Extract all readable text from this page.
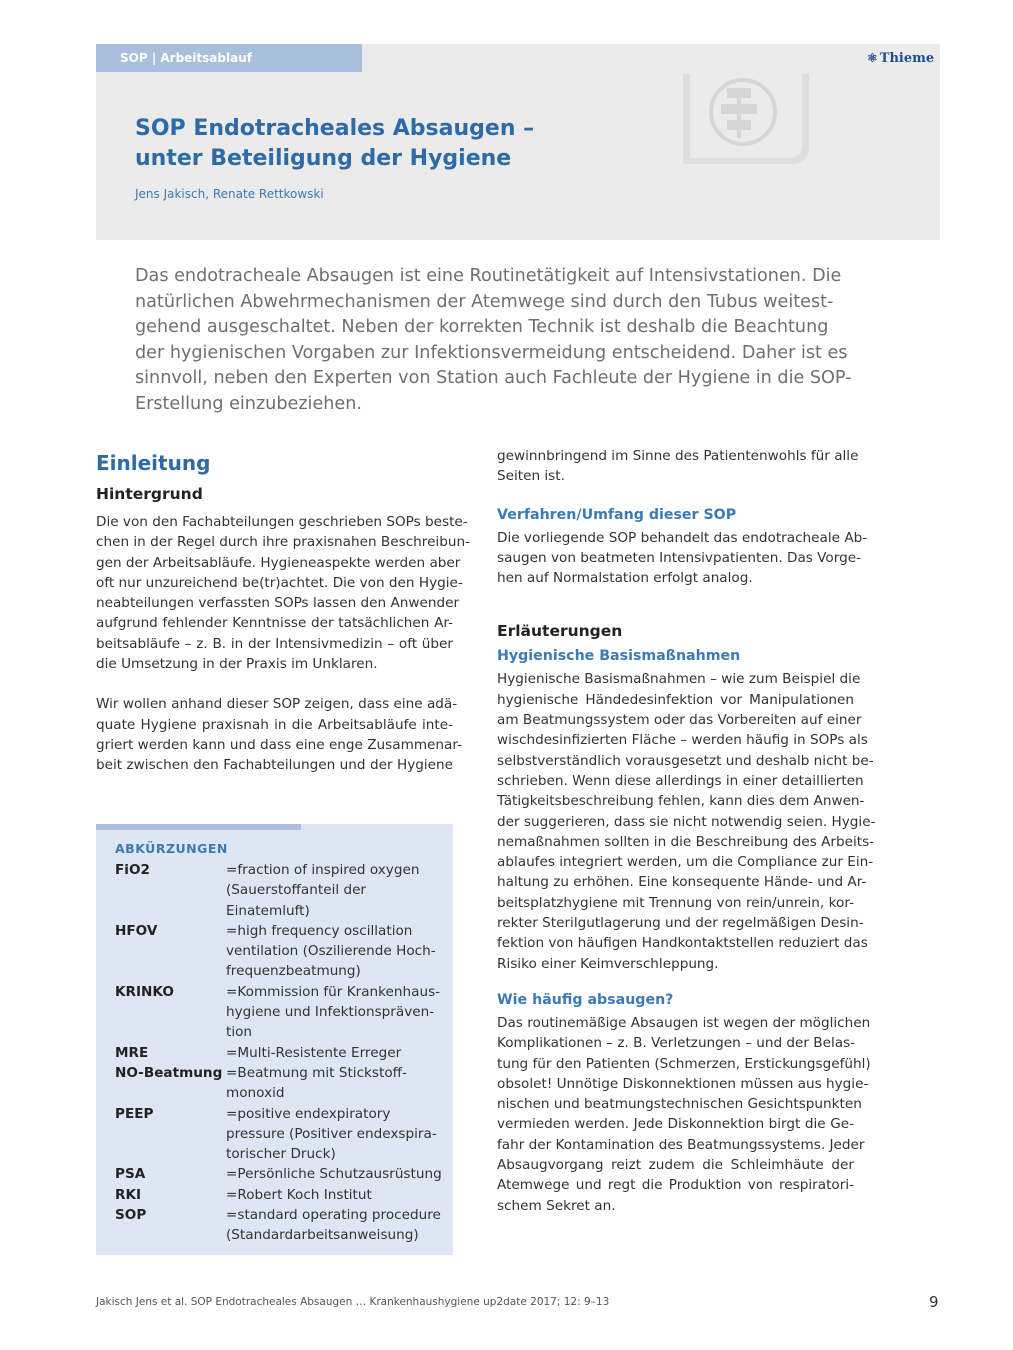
SOP | Arbeitsablauf	⚛ Thieme
SOP Endotracheales Absaugen –
unter Beteiligung der Hygiene
Jens Jakisch, Renate Rettkowski

Das endotracheale Absaugen ist eine Routinetätigkeit auf Intensivstationen. Die
natürlichen Abwehrmechanismen der Atemwege sind durch den Tubus weitest-
gehend ausgeschaltet. Neben der korrekten Technik ist deshalb die Beachtung
der hygienischen Vorgaben zur Infektionsvermeidung entscheidend. Daher ist es
sinnvoll, neben den Experten von Station auch Fachleute der Hygiene in die SOP-
Erstellung einzubeziehen.

Einleitung
Hintergrund

Die von den Fachabteilungen geschrieben SOPs beste-
chen in der Regel durch ihre praxisnahen Beschreibun-
gen der Arbeitsabläufe. Hygieneaspekte werden aber
oft nur unzureichend be(tr)achtet. Die von den Hygie-
neabteilungen verfassten SOPs lassen den Anwender
aufgrund fehlender Kenntnisse der tatsächlichen Ar-
beitsabläufe – z. B. in der Intensivmedizin – oft über
die Umsetzung in der Praxis im Unklaren.

Wir wollen anhand dieser SOP zeigen, dass eine adä-
quate Hygiene praxisnah in die Arbeitsabläufe inte-
griert werden kann und dass eine enge Zusammenar-
beit zwischen den Fachabteilungen und der Hygiene

ABKÜRZUNGEN
FiO2	=fraction of inspired oxygen
(Sauerstoffanteil der
Einatemluft)
HFOV	=high frequency oscillation
ventilation (Oszilierende Hoch-
frequenzbeatmung)
KRINKO	=Kommission für Krankenhaus-
hygiene und Infektionspräven-
tion
MRE	=Multi-Resistente Erreger
NO-Beatmung =Beatmung mit Stickstoff-
monoxid
PEEP	=positive endexpiratory
pressure (Positiver endexspira-
torischer Druck)
PSA	=Persönliche Schutzausrüstung
RKI	=Robert Koch Institut
SOP	=standard operating procedure
(Standardarbeitsanweisung)

gewinnbringend im Sinne des Patientenwohls für alle
Seiten ist.

Verfahren/Umfang dieser SOP

Die vorliegende SOP behandelt das endotracheale Ab-
saugen von beatmeten Intensivpatienten. Das Vorge-
hen auf Normalstation erfolgt analog.

Erläuterungen
Hygienische Basismaßnahmen

Hygienische Basismaßnahmen – wie zum Beispiel die
hygienische Händedesinfektion vor Manipulationen
am Beatmungssystem oder das Vorbereiten auf einer
wischdesinfizierten Fläche – werden häufig in SOPs als
selbstverständlich vorausgesetzt und deshalb nicht be-
schrieben. Wenn diese allerdings in einer detaillierten
Tätigkeitsbeschreibung fehlen, kann dies dem Anwen-
der suggerieren, dass sie nicht notwendig seien. Hygie-
nemaßnahmen sollten in die Beschreibung des Arbeits-
ablaufes integriert werden, um die Compliance zur Ein-
haltung zu erhöhen. Eine konsequente Hände- und Ar-
beitsplatzhygiene mit Trennung von rein/unrein, kor-
rekter Sterilgutlagerung und der regelmäßigen Desin-
fektion von häufigen Handkontaktstellen reduziert das
Risiko einer Keimverschleppung.

Wie häufig absaugen?

Das routinemäßige Absaugen ist wegen der möglichen
Komplikationen – z. B. Verletzungen – und der Belas-
tung für den Patienten (Schmerzen, Erstickungsgefühl)
obsolet! Unnötige Diskonnektionen müssen aus hygie-
nischen und beatmungstechnischen Gesichtspunkten
vermieden werden. Jede Diskonnektion birgt die Ge-
fahr der Kontamination des Beatmungssystems. Jeder
Absaugvorgang reizt zudem die Schleimhäute der
Atemwege und regt die Produktion von respiratori-
schem Sekret an.

Jakisch Jens et al. SOP Endotracheales Absaugen … Krankenhaushygiene up2date 2017; 12: 9–13	9
